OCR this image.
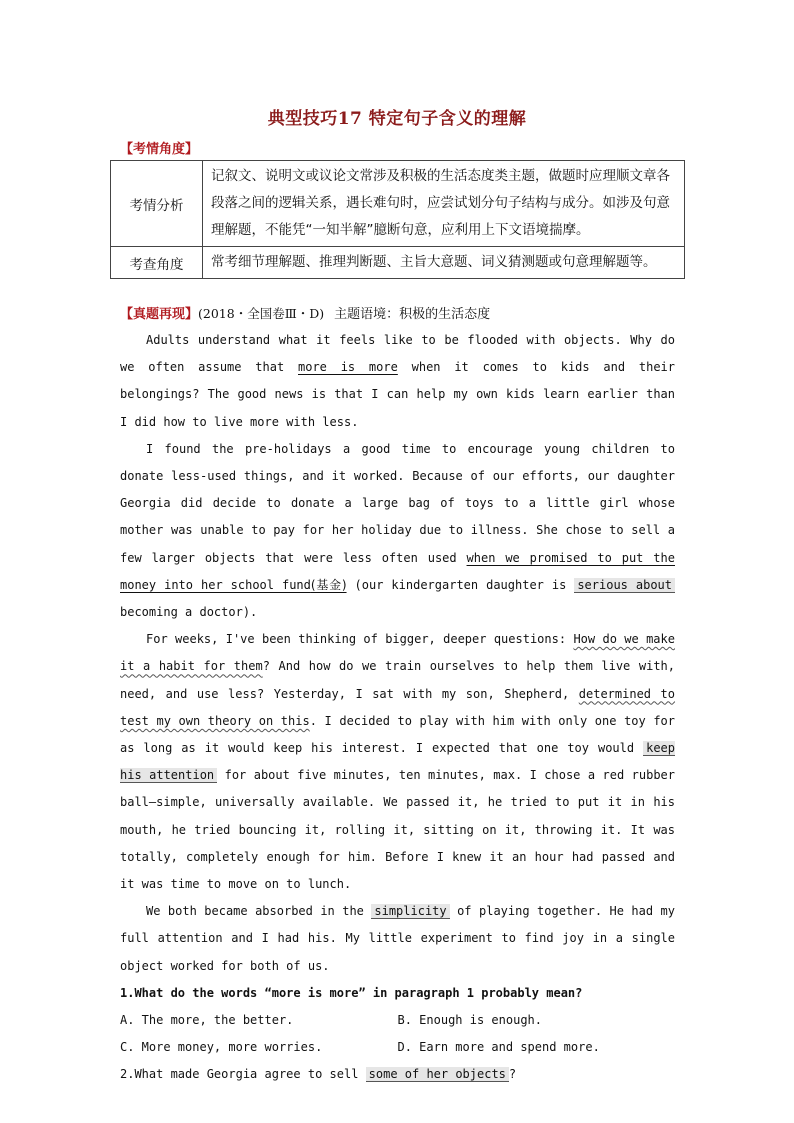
典型技巧17 特定句子含义的理解
【考情角度】
考情分析	记叙文、说明文或议论文常涉及积极的生活态度类主题，做题时应理顺文章各段落之间的逻辑关系，遇长难句时，应尝试划分句子结构与成分。如涉及句意理解题，不能凭“一知半解”臆断句意，应利用上下文语境揣摩。
考查角度	常考细节理解题、推理判断题、主旨大意题、词义猜测题或句意理解题等。
【真题再现】(2018・全国卷Ⅲ・D) 主题语境：积极的生活态度

Adults understand what it feels like to be flooded with objects. Why do we often assume that more is more when it comes to kids and their belongings? The good news is that I can help my own kids learn earlier than I did how to live more with less.

I found the pre-holidays a good time to encourage young children to donate less-used things, and it worked. Because of our efforts, our daughter Georgia did decide to donate a large bag of toys to a little girl whose mother was unable to pay for her holiday due to illness. She chose to sell a few larger objects that were less often used when we promised to put the money into her school fund(基金) (our kindergarten daughter is serious about becoming a doctor).

For weeks, I've been thinking of bigger, deeper questions: How do we make it a habit for them? And how do we train ourselves to help them live with, need, and use less? Yesterday, I sat with my son, Shepherd, determined to test my own theory on this. I decided to play with him with only one toy for as long as it would keep his interest. I expected that one toy would keep his attention for about five minutes, ten minutes, max. I chose a red rubber ball—simple, universally available. We passed it, he tried to put it in his mouth, he tried bouncing it, rolling it, sitting on it, throwing it. It was totally, completely enough for him. Before I knew it an hour had passed and it was time to move on to lunch.

We both became absorbed in the simplicity of playing together. He had my full attention and I had his. My little experiment to find joy in a single object worked for both of us.

1.What do the words “more is more” in paragraph 1 probably mean?

A. The more, the better.	B. Enough is enough.
C. More money, more worries.	D. Earn more and spend more.

2.What made Georgia agree to sell some of her objects ?
